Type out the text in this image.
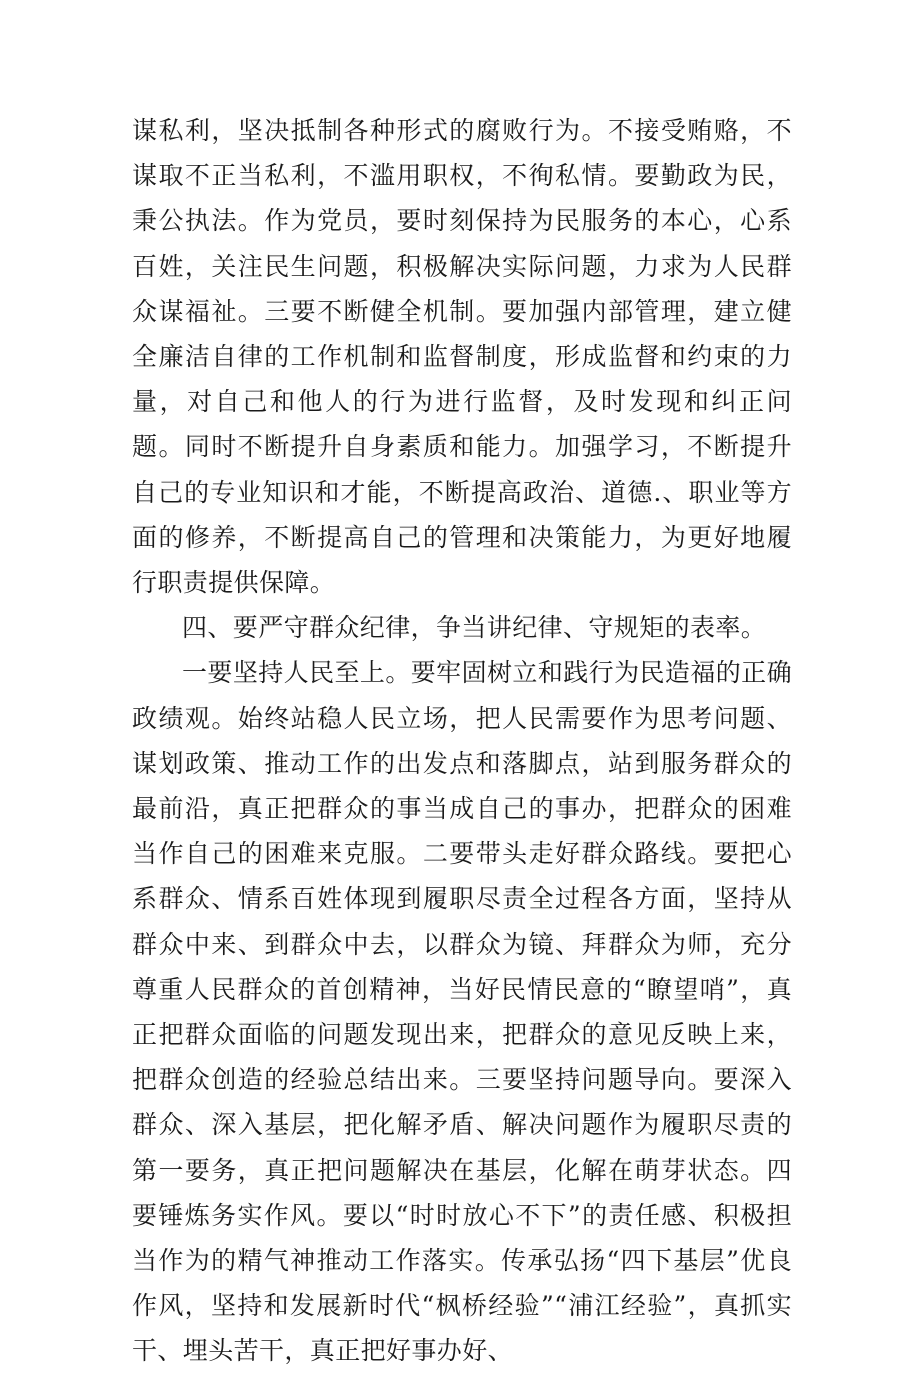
谋私利，坚决抵制各种形式的腐败行为。不接受贿赂，不谋取不正当私利，不滥用职权，不徇私情。要勤政为民，秉公执法。作为党员，要时刻保持为民服务的本心，心系百姓，关注民生问题，积极解决实际问题，力求为人民群众谋福祉。三要不断健全机制。要加强内部管理，建立健全廉洁自律的工作机制和监督制度，形成监督和约束的力量，对自己和他人的行为进行监督，及时发现和纠正问题。同时不断提升自身素质和能力。加强学习，不断提升自己的专业知识和才能，不断提高政治、道德.、职业等方面的修养，不断提高自己的管理和决策能力，为更好地履行职责提供保障。

四、要严守群众纪律，争当讲纪律、守规矩的表率。

一要坚持人民至上。要牢固树立和践行为民造福的正确政绩观。始终站稳人民立场，把人民需要作为思考问题、谋划政策、推动工作的出发点和落脚点，站到服务群众的最前沿，真正把群众的事当成自己的事办，把群众的困难当作自己的困难来克服。二要带头走好群众路线。要把心系群众、情系百姓体现到履职尽责全过程各方面，坚持从群众中来、到群众中去，以群众为镜、拜群众为师，充分尊重人民群众的首创精神，当好民情民意的“瞭望哨”，真正把群众面临的问题发现出来，把群众的意见反映上来，把群众创造的经验总结出来。三要坚持问题导向。要深入群众、深入基层，把化解矛盾、解决问题作为履职尽责的第一要务，真正把问题解决在基层，化解在萌芽状态。四要锤炼务实作风。要以“时时放心不下”的责任感、积极担当作为的精气神推动工作落实。传承弘扬“四下基层”优良作风，坚持和发展新时代“枫桥经验”“浦江经验”，真抓实干、埋头苦干，真正把好事办好、
